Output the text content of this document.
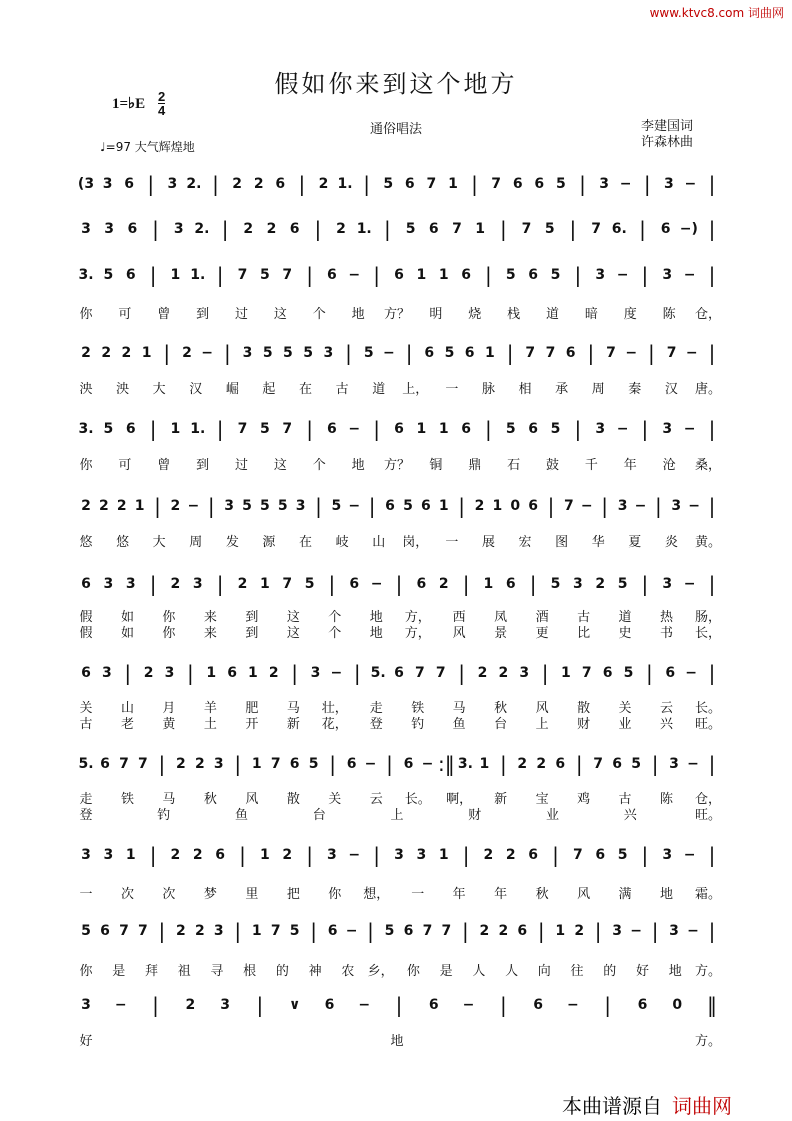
www.ktvc8.com 词曲网
假如你来到这个地方
1=♭E $\frac{2}{4}$
通俗唱法	李建国词
许森林曲
♩=97 大气辉煌地
(3 3 6 | 3 2. | 2 2 6 | 2 1. | 5 6 7 1 | 7 6 6 5 | 3 − | 3 − |
3 3 6 | 3 2. | 2 2 6 | 2 1. | 5 6 7 1 | 7 5 | 7 6. | 6 −) |
3. 5 6 | 1 1. | 7 5 7 | 6 − | 6 1 1 6 | 5 6 5 | 3 − | 3 − |
你 可 曾 到 过 这 个 地 方？ 明 烧 栈 道 暗 度 陈 仓，
2 2 2 1 | 2 − | 3 5 5 5 3 | 5 − | 6 5 6 1 | 7 7 6 | 7 − | 7 − |
泱 泱 大 汉 崛 起 在 古 道 上， 一 脉 相 承 周 秦 汉 唐。
3. 5 6 | 1 1. | 7 5 7 | 6 − | 6 1 1 6 | 5 6 5 | 3 − | 3 − |
你 可 曾 到 过 这 个 地 方？ 铜 鼎 石 鼓 千 年 沧 桑，
2 2 2 1 | 2 − | 3 5 5 5 3 | 5 − | 6 5 6 1 | 2 1 0 6 | 7 − | 3 − | 3 − |
悠 悠 大 周 发 源 在 岐 山 岗， 一 展 宏 图 华 夏 炎 黄。
6 3 3 | 2 3 | 2 1 7 5 | 6 − | 6 2 | 1 6 | 5 3 2 5 | 3 − |
假 如 你 来 到 这 个 地 方， 西 凤 酒 古 道 热 肠，
假 如 你 来 到 这 个 地 方， 风 景 更 比 史 书 长，
6 3 | 2 3 | 1 6 1 2 | 3 − | 5. 6 7 7 | 2 2 3 | 1 7 6 5 | 6 − |
关 山 月 羊 肥 马 壮， 走 铁 马 秋 风 散 关 云 长。
古 老 黄 土 开 新 花， 登 钓 鱼 台 上 财 业 兴 旺。
5. 6 7 7 | 2 2 3 | 1 7 6 5 | 6 − | 6 − :‖ 3. 1 | 2 2 6 | 7 6 5 | 3 − |
走 铁 马 秋 风 散 关 云 长。 啊， 新 宝 鸡 古 陈 仓，
登	钓	鱼	台	上	财	业	兴	旺。
3 3 1 | 2 2 6 | 1 2 | 3 − | 3 3 1 | 2 2 6 | 7 6 5 | 3 − |
一 次 次 梦 里 把 你 想， 一 年 年 秋 风 满 地 霜。
5 6 7 7 | 2 2 3 | 1 7 5 | 6 − | 5 6 7 7 | 2 2 6 | 1 2 | 3 − | 3 − |
你 是 拜 祖 寻 根 的 神 农 乡， 你 是 人 人 向 往 的 好 地 方。
3 − | 2 3 | ∨ 6 − | 6 − | 6 − | 6 0 ‖
好	地	方。
本曲谱源自 词曲网
